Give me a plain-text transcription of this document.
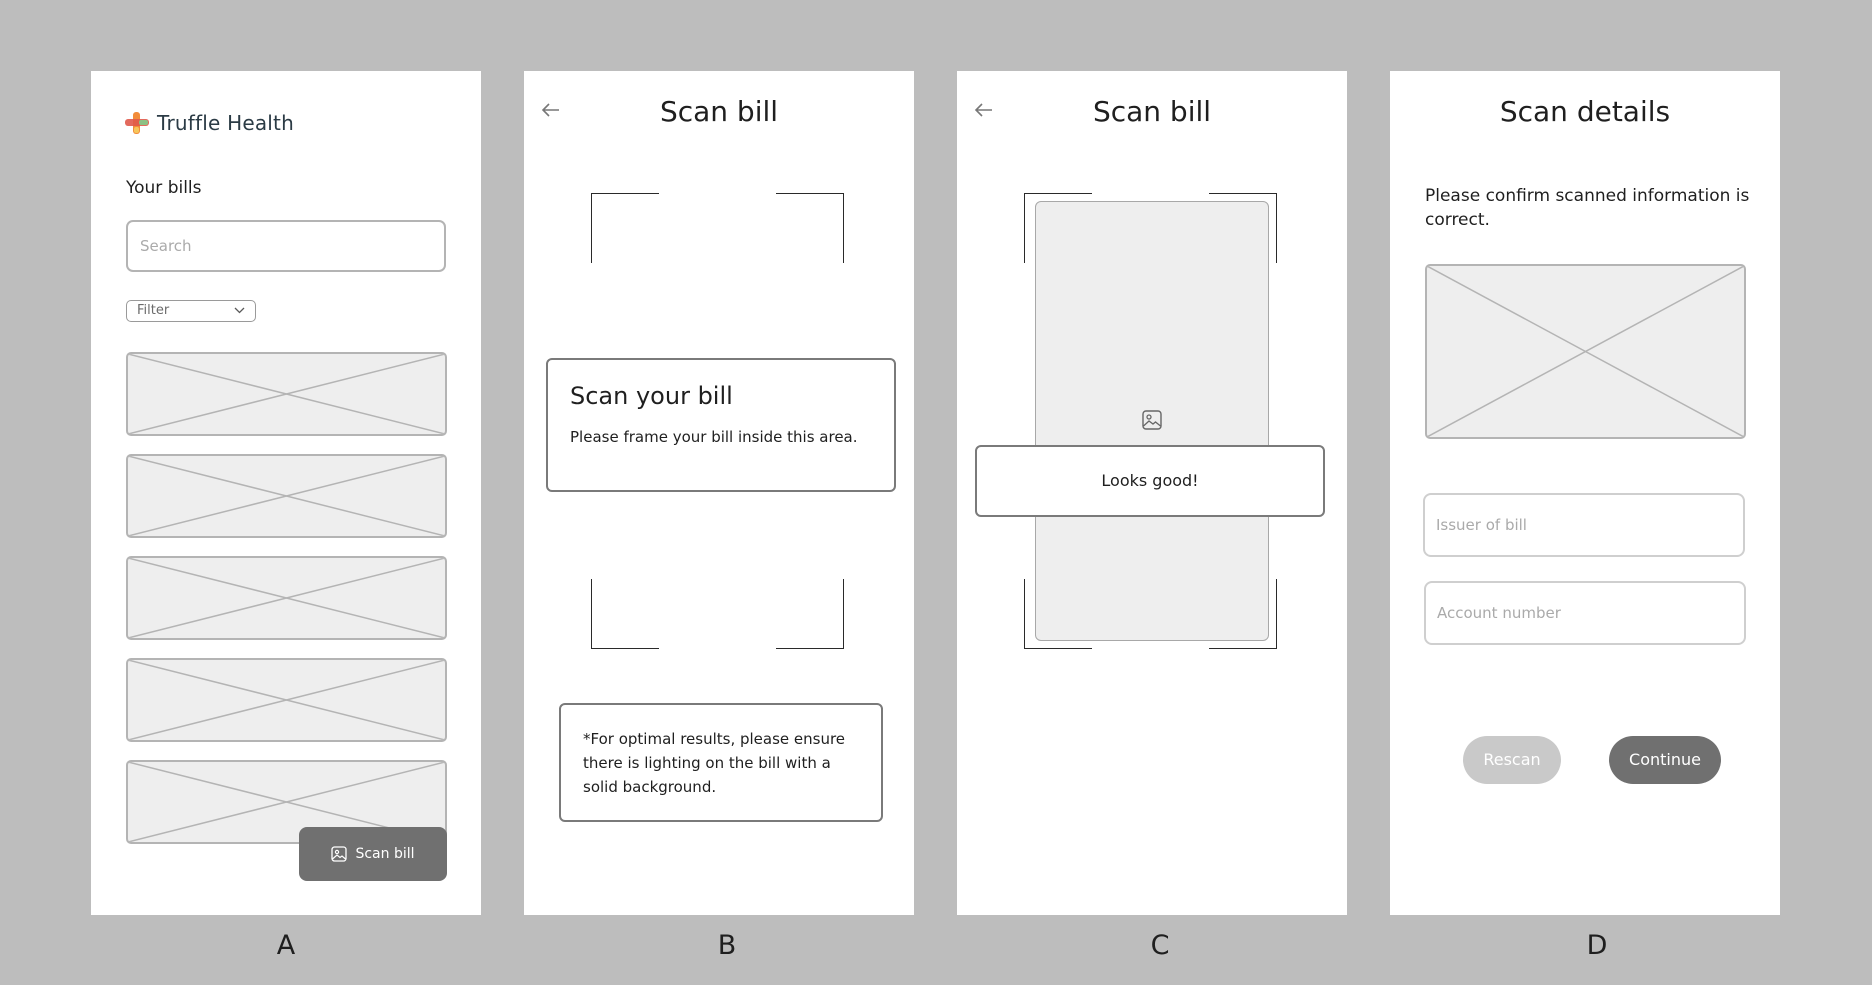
Truffle Health
Your bills
Search
Filter
Scan bill
A
Scan bill
Scan your bill
Please frame your bill inside this area.
*For optimal results, please ensure there is lighting on the bill with a solid background.
B
Scan bill
Looks good!
C
Scan details
Please confirm scanned information is correct.
Issuer of bill
Account number
Rescan	Continue
D
